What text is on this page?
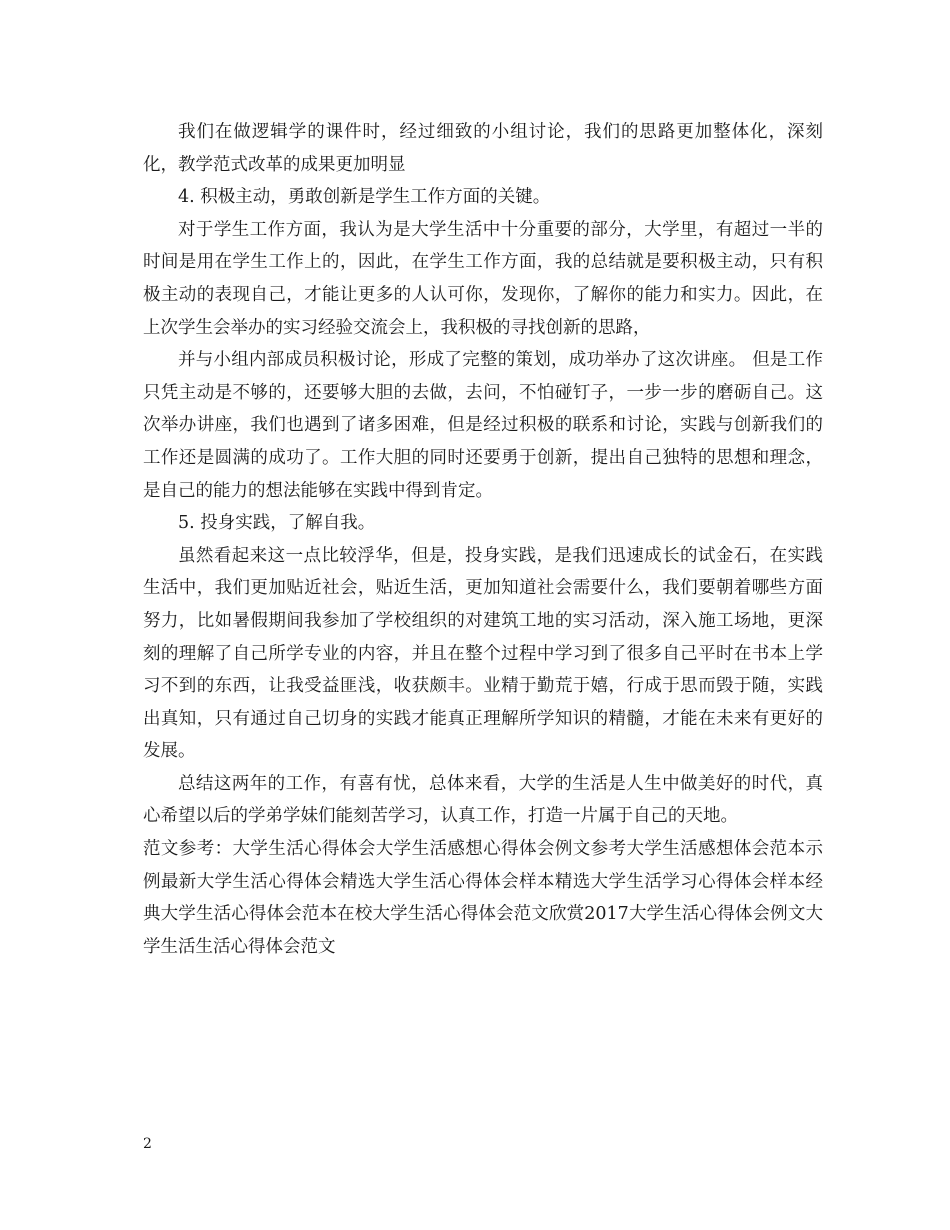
我们在做逻辑学的课件时，经过细致的小组讨论，我们的思路更加整体化，深刻化，教学范式改革的成果更加明显

4. 积极主动，勇敢创新是学生工作方面的关键。

对于学生工作方面，我认为是大学生活中十分重要的部分，大学里，有超过一半的时间是用在学生工作上的，因此，在学生工作方面，我的总结就是要积极主动，只有积极主动的表现自己，才能让更多的人认可你，发现你，了解你的能力和实力。因此，在上次学生会举办的实习经验交流会上，我积极的寻找创新的思路，

并与小组内部成员积极讨论，形成了完整的策划，成功举办了这次讲座。 但是工作只凭主动是不够的，还要够大胆的去做，去问，不怕碰钉子，一步一步的磨砺自己。这次举办讲座，我们也遇到了诸多困难，但是经过积极的联系和讨论，实践与创新我们的工作还是圆满的成功了。工作大胆的同时还要勇于创新，提出自己独特的思想和理念，是自己的能力的想法能够在实践中得到肯定。

5. 投身实践，了解自我。

虽然看起来这一点比较浮华，但是，投身实践，是我们迅速成长的试金石，在实践生活中，我们更加贴近社会，贴近生活，更加知道社会需要什么，我们要朝着哪些方面努力，比如暑假期间我参加了学校组织的对建筑工地的实习活动，深入施工场地，更深刻的理解了自己所学专业的内容，并且在整个过程中学习到了很多自己平时在书本上学习不到的东西，让我受益匪浅，收获颇丰。业精于勤荒于嬉，行成于思而毁于随，实践出真知，只有通过自己切身的实践才能真正理解所学知识的精髓，才能在未来有更好的发展。

总结这两年的工作，有喜有忧，总体来看，大学的生活是人生中做美好的时代，真心希望以后的学弟学妹们能刻苦学习，认真工作，打造一片属于自己的天地。

范文参考：大学生活心得体会大学生活感想心得体会例文参考大学生活感想体会范本示例最新大学生活心得体会精选大学生活心得体会样本精选大学生活学习心得体会样本经典大学生活心得体会范本在校大学生活心得体会范文欣赏2017大学生活心得体会例文大学生活生活心得体会范文

2
